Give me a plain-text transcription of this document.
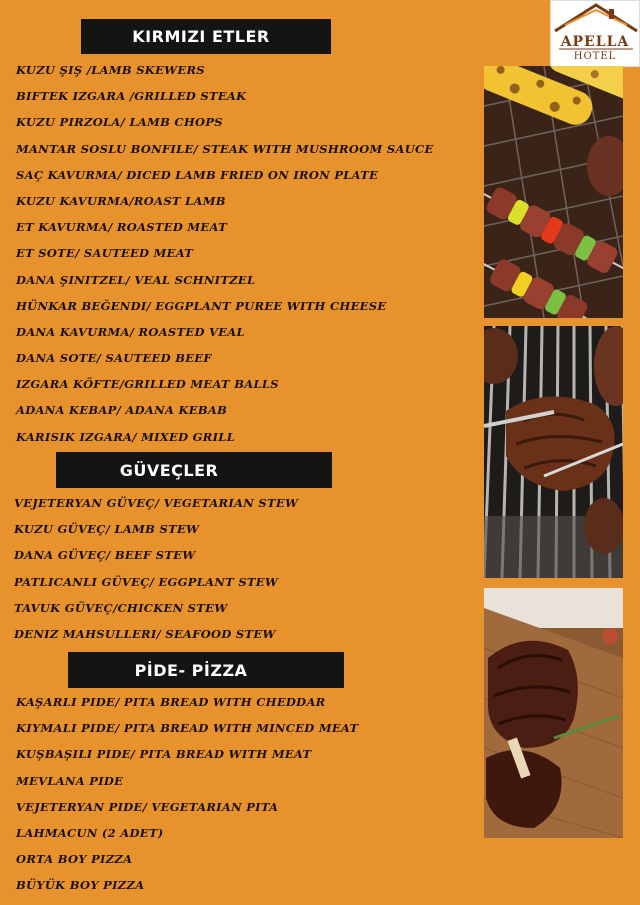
KIRMIZI ETLER
KUZU ŞIŞ /LAMB SKEWERS
BIFTEK IZGARA /GRILLED STEAK
KUZU PIRZOLA/ LAMB CHOPS
MANTAR SOSLU BONFILE/ STEAK WITH MUSHROOM SAUCE
SAÇ KAVURMA/ DICED LAMB FRIED ON IRON PLATE
KUZU KAVURMA/ROAST LAMB
ET KAVURMA/ ROASTED MEAT
ET SOTE/ SAUTEED MEAT
DANA ŞINITZEL/ VEAL SCHNITZEL
HÜNKAR BEĞENDI/ EGGPLANT PUREE WITH CHEESE
DANA KAVURMA/ ROASTED VEAL
DANA SOTE/ SAUTEED BEEF
IZGARA KÖFTE/GRILLED MEAT BALLS
ADANA KEBAP/ ADANA KEBAB
KARISIK IZGARA/ MIXED GRILL
GÜVEÇLER
VEJETERYAN GÜVEÇ/ VEGETARIAN STEW
KUZU GÜVEÇ/ LAMB STEW
DANA GÜVEÇ/ BEEF STEW
PATLICANLI GÜVEÇ/ EGGPLANT STEW
TAVUK GÜVEÇ/CHICKEN STEW
DENIZ MAHSULLERI/ SEAFOOD STEW
PİDE- PİZZA
KAŞARLI PIDE/ PITA BREAD WITH CHEDDAR
KIYMALI PIDE/ PITA BREAD WITH MINCED MEAT
KUŞBAŞILI PIDE/ PITA BREAD WITH MEAT
MEVLANA PIDE
VEJETERYAN PIDE/ VEGETARIAN PITA
LAHMACUN (2 ADET)
ORTA BOY PIZZA
BÜYÜK BOY PIZZA
APELLA
HOTEL
